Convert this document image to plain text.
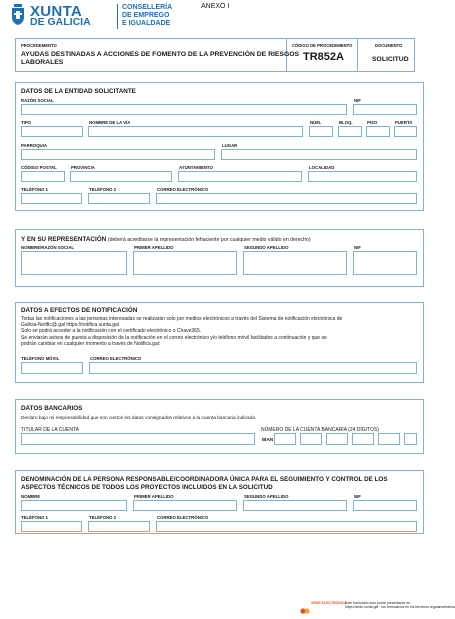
XUNTA
DE GALICIA
CONSELLERÍA
DE EMPREGO
E IGUALDADE
ANEXO I
PROCEDEMENTO
AYUDAS DESTINADAS A ACCIONES DE FOMENTO DE LA PREVENCIÓN DE RIESGOS
LABORALES
CÓDIGO DE PROCEDIMIENTO
TR852A
DOCUMENTO
SOLICITUD
DATOS DE LA ENTIDAD SOLICITANTE
RAZÓN SOCIAL	NIF
TIPO	NOMBRE DE LA VÍA	NÚM.	BLOQ.	PISO	PUERTA
PARROQUIA	LUGAR
CÓDIGO POSTAL	PROVINCIA	AYUNTAMIENTO	LOCALIDAD
TELÉFONO 1	TELÉFONO 2	CORREO ELECTRÓNICO
Y EN SU REPRESENTACIÓN (deberá acreditarse la representación fehaciente por cualquier medio válido en derecho)
NOMBRE/RAZÓN SOCIAL	PRIMER APELLIDO	SEGUNDO APELLIDO	NIF
DATOS A EFECTOS DE NOTIFICACIÓN
Todas las notificaciones a las personas interesadas se realizarán solo por medios electrónicos a través del Sistema de notificación electrónica de
Galicia-Notific@.gal https://notifica.xunta.gal
Solo se podrá acceder a la notificación con el certificado electrónico o Chave365.
Se enviarán avisos de puesta a disposición de la notificación en el correo electrónico y/o teléfono móvil facilitados a continuación y que se
podrán cambiar en cualquier momento a través de Notifica.gal:
TELÉFONO MÓVIL	CORREO ELECTRÓNICO
DATOS BANCARIOS
Declaro bajo mi responsabilidad que son ciertos los datos consignados relativos a la cuenta bancaria indicada.
TITULAR DE LA CUENTA	NÚMERO DE LA CUENTA BANCARIA (24 DÍGITOS)
IBAN
DENOMINACIÓN DE LA PERSONA RESPONSABLE/COORDINADORA ÚNICA PARA EL SEGUIMIENTO Y CONTROL DE LOS
ASPECTOS TÉCNICOS DE TODOS LOS PROYECTOS INCLUIDOS EN LA SOLICITUD
NOMBRE	PRIMER APELLIDO	SEGUNDO APELLIDO	NIF
TELÉFONO 1	TELÉFONO 2	CORREO ELECTRÓNICO
SEDE ELECTRÓNICA
Este formulario solo podrá presentarse en
https://sede.xunta.gal · los formularios en los términos regulamentarios
